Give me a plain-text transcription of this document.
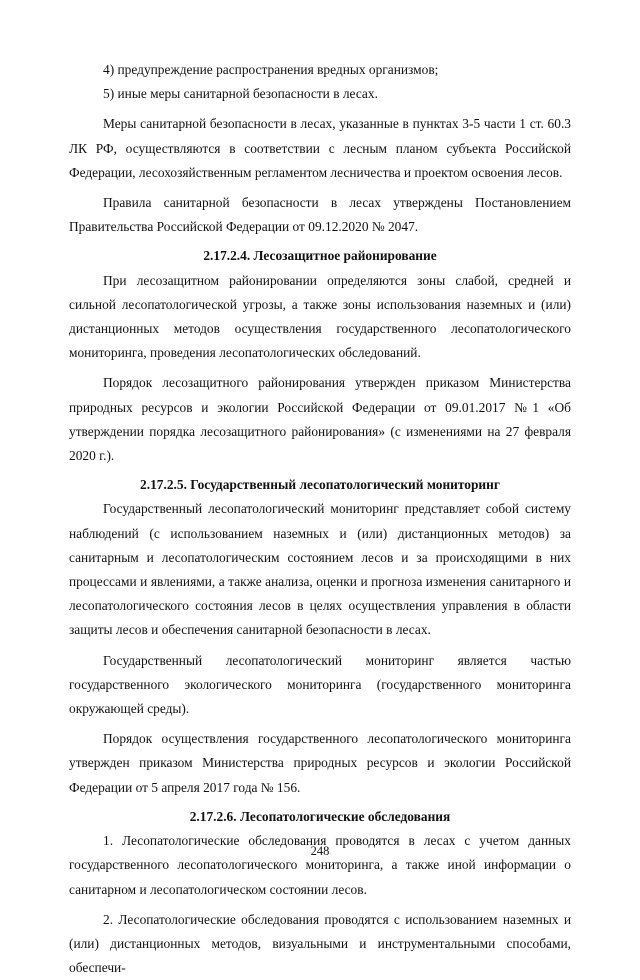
4) предупреждение распространения вредных организмов;

5) иные меры санитарной безопасности в лесах.

Меры санитарной безопасности в лесах, указанные в пунктах 3-5 части 1 ст. 60.3 ЛК РФ, осуществляются в соответствии с лесным планом субъекта Российской Федерации, лесохозяйственным регламентом лесничества и проектом освоения лесов.

Правила санитарной безопасности в лесах утверждены Постановлением Правительства Российской Федерации от 09.12.2020 № 2047.

2.17.2.4. Лесозащитное районирование

При лесозащитном районировании определяются зоны слабой, средней и сильной лесопатологической угрозы, а также зоны использования наземных и (или) дистанционных методов осуществления государственного лесопатологического мониторинга, проведения лесопатологических обследований.

Порядок лесозащитного районирования утвержден приказом Министерства природных ресурсов и экологии Российской Федерации от 09.01.2017 №1 «Об утверждении порядка лесозащитного районирования» (с изменениями на 27 февраля 2020 г.).

2.17.2.5. Государственный лесопатологический мониторинг

Государственный лесопатологический мониторинг представляет собой систему наблюдений (с использованием наземных и (или) дистанционных методов) за санитарным и лесопатологическим состоянием лесов и за происходящими в них процессами и явлениями, а также анализа, оценки и прогноза изменения санитарного и лесопатологического состояния лесов в целях осуществления управления в области защиты лесов и обеспечения санитарной безопасности в лесах.

Государственный лесопатологический мониторинг является частью государственного экологического мониторинга (государственного мониторинга окружающей среды).

Порядок осуществления государственного лесопатологического мониторинга утвержден приказом Министерства природных ресурсов и экологии Российской Федерации от 5 апреля 2017 года № 156.

2.17.2.6. Лесопатологические обследования

1. Лесопатологические обследования проводятся в лесах с учетом данных государственного лесопатологического мониторинга, а также иной информации о санитарном и лесопатологическом состоянии лесов.

2. Лесопатологические обследования проводятся с использованием наземных и (или) дистанционных методов, визуальными и инструментальными способами, обеспечи-

248
